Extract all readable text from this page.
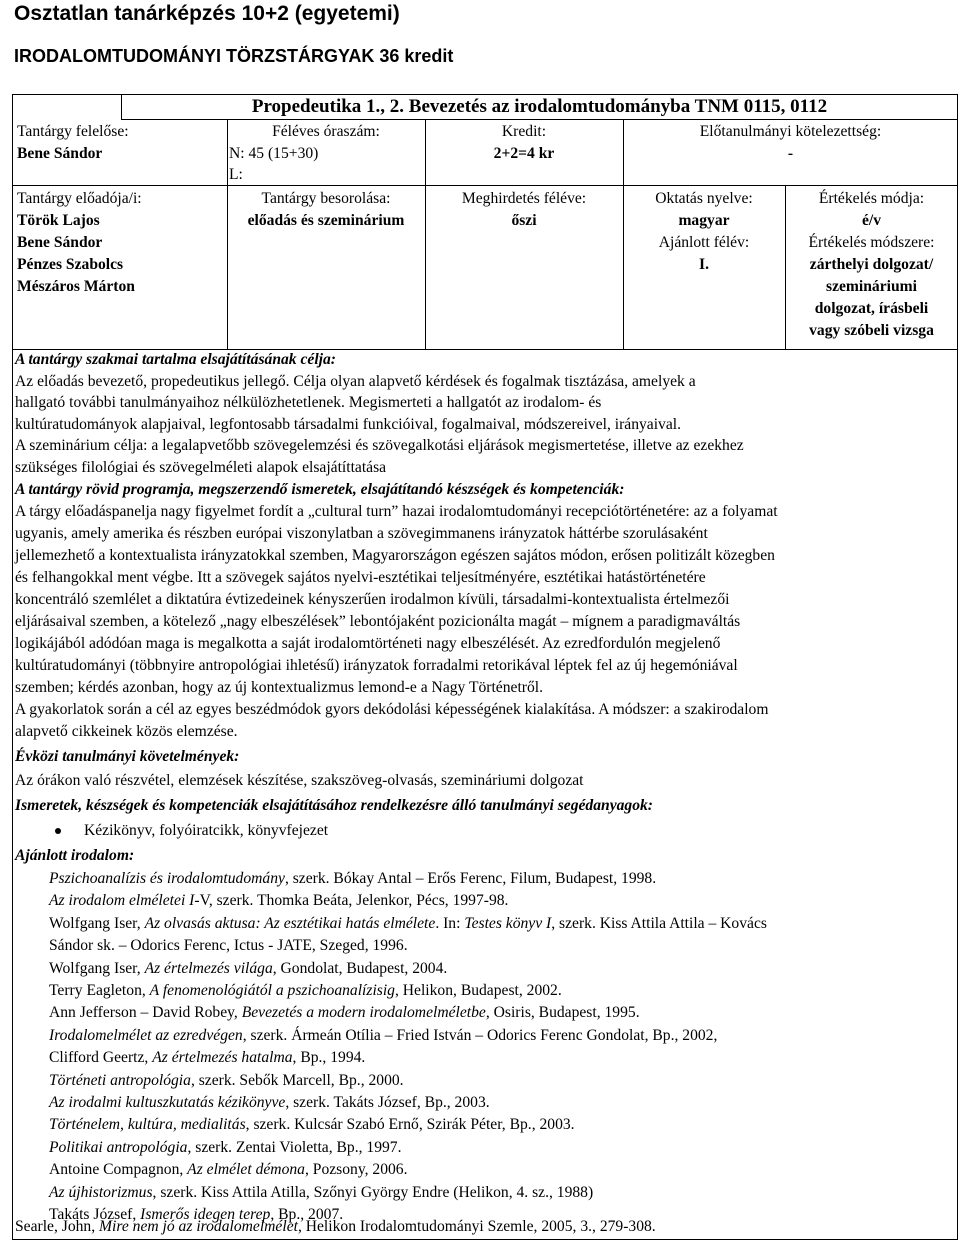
Osztatlan tanárképzés 10+2 (egyetemi)
IRODALOMTUDOMÁNYI TÖRZSTÁRGYAK 36 kredit
Propedeutika 1., 2. Bevezetés az irodalomtudományba TNM 0115, 0112
Tantárgy felelőse:
Bene Sándor
Féléves óraszám:
N: 45 (15+30)
L:
Kredit:
2+2=4 kr
Előtanulmányi kötelezettség:
-
Tantárgy előadója/i:
Török Lajos
Bene Sándor
Pénzes Szabolcs
Mészáros Márton
Tantárgy besorolása:
előadás és szeminárium
Meghirdetés féléve:
őszi
Oktatás nyelve:
magyar
Ajánlott félév:
I.
Értékelés módja:
é/v
Értékelés módszere:
zárthelyi dolgozat/
szemináriumi
dolgozat, írásbeli
vagy szóbeli vizsga
A tantárgy szakmai tartalma elsajátításának célja:
Az előadás bevezető, propedeutikus jellegő. Célja olyan alapvető kérdések és fogalmak tisztázása, amelyek a
hallgató további tanulmányaihoz nélkülözhetetlenek. Megismerteti a hallgatót az irodalom- és
kultúratudományok alapjaival, legfontosabb társadalmi funkcióival, fogalmaival, módszereivel, irányaival.
A szeminárium célja: a legalapvetőbb szövegelemzési és szövegalkotási eljárások megismertetése, illetve az ezekhez
szükséges filológiai és szövegelméleti alapok elsajátíttatása
A tantárgy rövid programja, megszerzendő ismeretek, elsajátítandó készségek és kompetenciák:
A tárgy előadáspanelja nagy figyelmet fordít a „cultural turn” hazai irodalomtudományi recepciótörténetére: az a folyamat
ugyanis, amely amerika és részben európai viszonylatban a szövegimmanens irányzatok háttérbe szorulásaként
jellemezhető a kontextualista irányzatokkal szemben, Magyarországon egészen sajátos módon, erősen politizált közegben
és felhangokkal ment végbe. Itt a szövegek sajátos nyelvi-esztétikai teljesítményére, esztétikai hatástörténetére
koncentráló szemlélet a diktatúra évtizedeinek kényszerűen irodalmon kívüli, társadalmi-kontextualista értelmezői
eljárásaival szemben, a kötelező „nagy elbeszélések” lebontójaként pozicionálta magát – mígnem a paradigmaváltás
logikájából adódóan maga is megalkotta a saját irodalomtörténeti nagy elbeszélését. Az ezredfordulón megjelenő
kultúratudományi (többnyire antropológiai ihletésű) irányzatok forradalmi retorikával léptek fel az új hegemóniával
szemben; kérdés azonban, hogy az új kontextualizmus lemond-e a Nagy Történetről.
A gyakorlatok során a cél az egyes beszédmódok gyors dekódolási képességének kialakítása. A módszer: a szakirodalom
alapvető cikkeinek közös elemzése.
Évközi tanulmányi követelmények:
Az órákon való részvétel, elemzések készítése, szakszöveg-olvasás, szemináriumi dolgozat
Ismeretek, készségek és kompetenciák elsajátításához rendelkezésre álló tanulmányi segédanyagok:
Kézikönyv, folyóiratcikk, könyvfejezet
Ajánlott irodalom:
Pszichoanalízis és irodalomtudomány, szerk. Bókay Antal – Erős Ferenc, Filum, Budapest, 1998.
Az irodalom elméletei I-V, szerk. Thomka Beáta, Jelenkor, Pécs, 1997-98.
Wolfgang Iser, Az olvasás aktusa: Az esztétikai hatás elmélete. In: Testes könyv I, szerk. Kiss Attila Attila – Kovács
Sándor sk. – Odorics Ferenc, Ictus - JATE, Szeged, 1996.
Wolfgang Iser, Az értelmezés világa, Gondolat, Budapest, 2004.
Terry Eagleton, A fenomenológiától a pszichoanalízisig, Helikon, Budapest, 2002.
Ann Jefferson – David Robey, Bevezetés a modern irodalomelméletbe, Osiris, Budapest, 1995.
Irodalomelmélet az ezredvégen, szerk. Ármeán Otília – Fried István – Odorics Ferenc Gondolat, Bp., 2002,
Clifford Geertz, Az értelmezés hatalma, Bp., 1994.
Történeti antropológia, szerk. Sebők Marcell, Bp., 2000.
Az irodalmi kultuszkutatás kézikönyve, szerk. Takáts József, Bp., 2003.
Történelem, kultúra, medialitás, szerk. Kulcsár Szabó Ernő, Szirák Péter, Bp., 2003.
Politikai antropológia, szerk. Zentai Violetta, Bp., 1997.
Antoine Compagnon, Az elmélet démona, Pozsony, 2006.
Az újhistorizmus, szerk. Kiss Attila Atilla, Szőnyi György Endre (Helikon, 4. sz., 1988)
Takáts József, Ismerős idegen terep, Bp., 2007.
Searle, John, Mire nem jó az irodalomelmélet, Helikon Irodalomtudományi Szemle, 2005, 3., 279-308.
